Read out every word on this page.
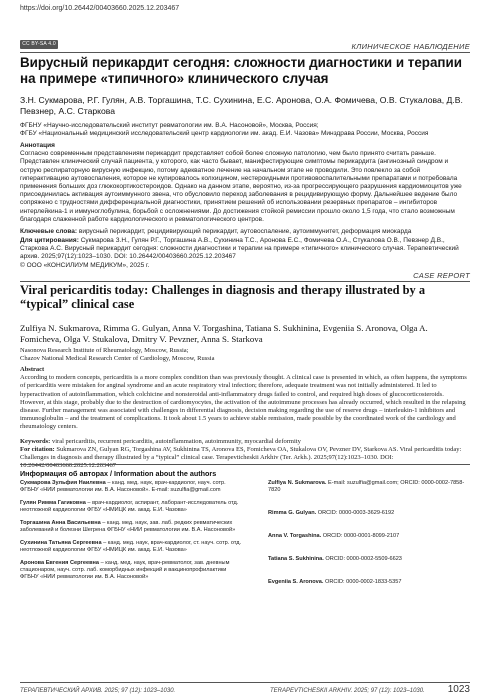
https://doi.org/10.26442/00403660.2025.12.203467
CC BY-SA 4.0	КЛИНИЧЕСКОЕ НАБЛЮДЕНИЕ
Вирусный перикардит сегодня: сложности диагностики и терапии на примере «типичного» клинического случая
З.Н. Сукмарова, Р.Г. Гулян, А.В. Торгашина, Т.С. Сухинина, Е.С. Аронова, О.А. Фомичева, О.В. Стукалова, Д.В. Певзнер, А.С. Старкова
ФГБНУ «Научно-исследовательский институт ревматологии им. В.А. Насоновой», Москва, Россия;
ФГБУ «Национальный медицинский исследовательский центр кардиологии им. акад. Е.И. Чазова» Минздрава России, Москва, Россия
Аннотация
Согласно современным представлениям перикардит представляет собой более сложную патологию, чем было принято считать раньше. Представлен клинический случай пациента, у которого, как часто бывает, манифестирующие симптомы перикардита (ангинозный синдром и острую респираторную вирусную инфекцию, потому адекватное лечение на начальном этапе не проводили. Это повлекло за собой гиперактивацию аутовоспаления, которое не купировалось колхицином, нестероидными противовоспалительными препаратами и потребовала применения больших доз глюкокортикостероидов. Однако на данном этапе, вероятно, из-за прогрессирующего разрушения кардиомиоцитов уже присоединилась активация аутоиммунного звена, что обусловило переход заболевания в рецидивирующую форму. Дальнейшее ведение было сопряжено с трудностями дифференциальной диагностики, принятием решений об использовании резервных препаратов – ингибиторов интерлейкина-1 и иммуноглобулина, борьбой с осложнениями. До достижения стойкой ремиссии прошло около 1,5 года, что стало возможным благодаря слаженной работе кардиологического и ревматологического центров.
Ключевые слова: вирусный перикардит, рецидивирующий перикардит, аутовоспаление, аутоиммунитет, деформация миокарда
Для цитирования: Сукмарова З.Н., Гулян Р.Г., Торгашина А.В., Сухинина Т.С., Аронова Е.С., Фомичева О.А., Стукалова О.В., Певзнер Д.В., Старкова А.С. Вирусный перикардит сегодня: сложности диагностики и терапии на примере «типичного» клинического случая. Терапевтический архив. 2025;97(12):1023–1030. DOI: 10.26442/00403660.2025.12.203467
© ООО «КОНСИЛИУМ МЕДИКУМ», 2025 г.
CASE REPORT
Viral pericarditis today: Challenges in diagnosis and therapy illustrated by a “typical” clinical case
Zulfiya N. Sukmarova, Rimma G. Gulyan, Anna V. Torgashina, Tatiana S. Sukhinina, Evgeniia S. Aronova, Olga A. Fomicheva, Olga V. Stukalova, Dmitry V. Pevzner, Anna S. Starkova
Nasonova Research Institute of Rheumatology, Moscow, Russia;
Chazov National Medical Research Center of Cardiology, Moscow, Russia
Abstract
According to modern concepts, pericarditis is a more complex condition than was previously thought. A clinical case is presented in which, as often happens, the symptoms of pericarditis were mistaken for anginal syndrome and an acute respiratory viral infection; therefore, adequate treatment was not initially administered. It led to hyperactivation of autoinflammation, which colchicine and nonsteroidal anti-inflammatory drugs failed to control, and required high doses of glucocorticosteroids. However, at this stage, probably due to the destruction of cardiomyocytes, the activation of the autoimmune processes has already occurred, which resulted in the relapsing disease. Further management was associated with challenges in differential diagnosis, decision making regarding the use of reserve drugs – interleukin-1 inhibitors and immunoglobulin – and the treatment of complications. It took about 1.5 years to achieve stable remission, made possible by the coordinated work of the cardiology and rheumatology centers.
Keywords: viral pericarditis, recurrent pericarditis, autoinflammation, autoimmunity, myocardial deformity
For citation: Sukmarova ZN, Gulyan RG, Torgashina AV, Sukhinina TS, Aronova ES, Fomicheva OA, Stukalova OV, Pevzner DV, Starkova AS. Viral pericarditis today: Challenges in diagnosis and therapy illustrated by a “typical” clinical case. Terapevticheskii Arkhiv (Ter. Arkh.). 2025;97(12):1023–1030. DOI: 10.26442/00403660.2025.12.203467
Информация об авторах / Information about the authors
Сукмарова Зульфия Наилевна – канд. мед. наук, врач-кардиолог, науч. сотр. ФГБНУ «НИИ ревматологии им. В.А. Насоновой». E-mail: suzulfia@gmail.com
Гулян Римма Гагиковна – врач-кардиолог, аспирант, лаборант-исследователь отд. неотложной кардиологии ФГБУ «НМИЦК им. акад. Е.И. Чазова»
Торгашина Анна Васильевна – канд. мед. наук, зав. лаб. редких ревматических заболеваний и болезни Шегрена ФГБНУ «НИИ ревматологии им. В.А. Насоновой»
Сухинина Татьяна Сергеевна – канд. мед. наук, врач-кардиолог, ст. науч. сотр. отд. неотложной кардиологии ФГБУ «НМИЦК им. акад. Е.И. Чазова»
Аронова Евгения Сергеевна – канд. мед. наук, врач-ревматолог, зав. дневным стационаром, науч. сотр. лаб. коморбидных инфекций и вакцинопрофилактики ФГБНУ «НИИ ревматологии им. В.А. Насоновой»
Zulfiya N. Sukmarova. E-mail: suzulfia@gmail.com; ORCID: 0000-0002-7858-7820
Rimma G. Gulyan. ORCID: 0000-0003-3629-6192
Anna V. Torgashina. ORCID: 0000-0001-8099-2107
Tatiana S. Sukhinina. ORCID: 0000-0002-5509-6623
Evgeniia S. Aronova. ORCID: 0000-0002-1833-5357
ТЕРАПЕВТИЧЕСКИЙ АРХИВ. 2025; 97 (12): 1023–1030.	TERAPEVTICHESKII ARKHIV. 2025; 97 (12): 1023–1030. 1023
